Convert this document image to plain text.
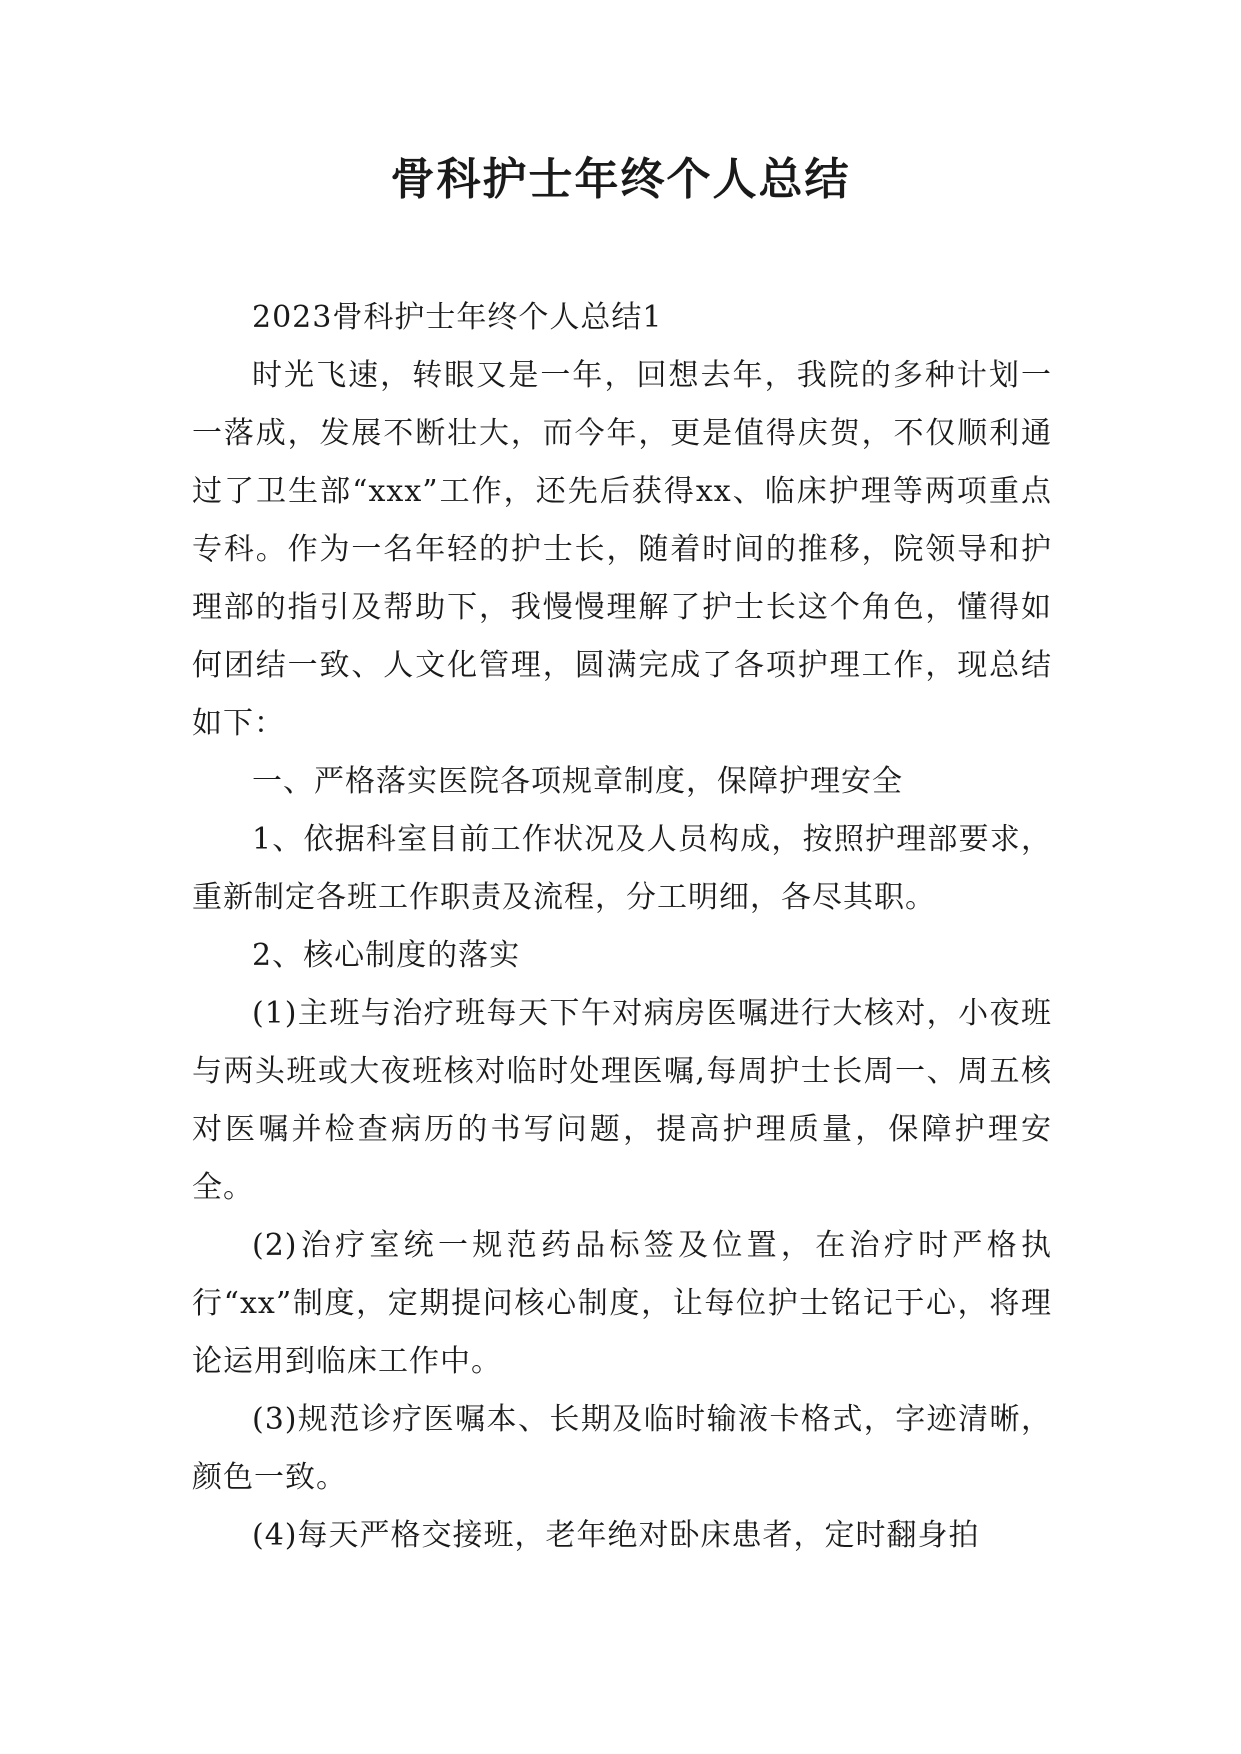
骨科护士年终个人总结

2023骨科护士年终个人总结1

时光飞速，转眼又是一年，回想去年，我院的多种计划一一落成，发展不断壮大，而今年，更是值得庆贺，不仅顺利通过了卫生部“xxx”工作，还先后获得xx、临床护理等两项重点专科。作为一名年轻的护士长，随着时间的推移，院领导和护理部的指引及帮助下，我慢慢理解了护士长这个角色，懂得如何团结一致、人文化管理，圆满完成了各项护理工作，现总结如下：

一、严格落实医院各项规章制度，保障护理安全

1、依据科室目前工作状况及人员构成，按照护理部要求，重新制定各班工作职责及流程，分工明细，各尽其职。

2、核心制度的落实

(1)主班与治疗班每天下午对病房医嘱进行大核对，小夜班与两头班或大夜班核对临时处理医嘱,每周护士长周一、周五核对医嘱并检查病历的书写问题，提高护理质量，保障护理安全。

(2)治疗室统一规范药品标签及位置，在治疗时严格执行“xx”制度，定期提问核心制度，让每位护士铭记于心，将理论运用到临床工作中。

(3)规范诊疗医嘱本、长期及临时输液卡格式，字迹清晰，颜色一致。

(4)每天严格交接班，老年绝对卧床患者，定时翻身拍
